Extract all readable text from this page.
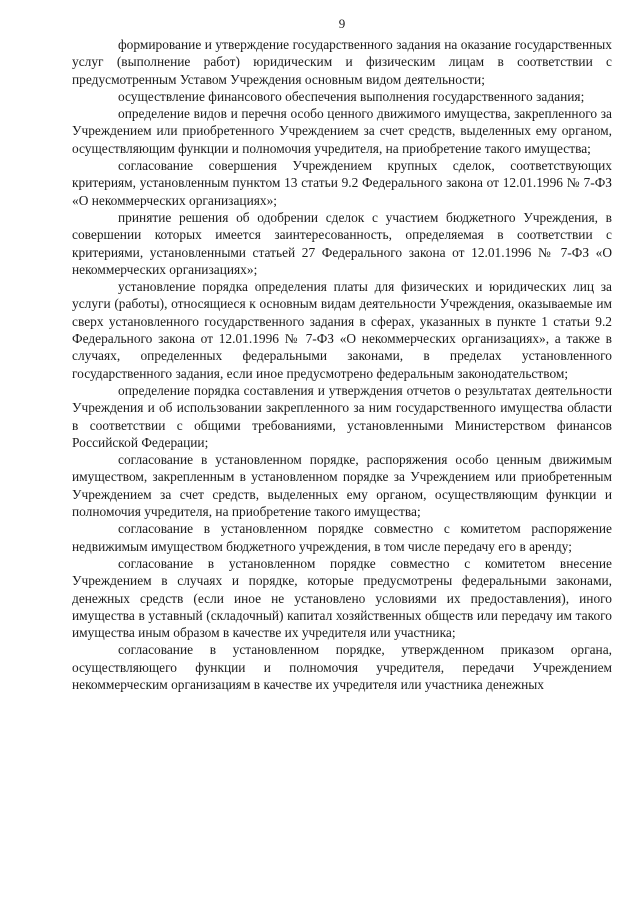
9

формирование и утверждение государственного задания на оказание государственных услуг (выполнение работ) юридическим и физическим лицам в соответствии с предусмотренным Уставом Учреждения основным видом деятельности;

осуществление финансового обеспечения выполнения государственного задания;

определение видов и перечня особо ценного движимого имущества, закрепленного за Учреждением или приобретенного Учреждением за счет средств, выделенных ему органом, осуществляющим функции и полномочия учредителя, на приобретение такого имущества;

согласование совершения Учреждением крупных сделок, соответствующих критериям, установленным пунктом 13 статьи 9.2 Федерального закона от 12.01.1996 № 7-ФЗ «О некоммерческих организациях»;

принятие решения об одобрении сделок с участием бюджетного Учреждения, в совершении которых имеется заинтересованность, определяемая в соответствии с критериями, установленными статьей 27 Федерального закона от 12.01.1996 № 7-ФЗ «О некоммерческих организациях»;

установление порядка определения платы для физических и юридических лиц за услуги (работы), относящиеся к основным видам деятельности Учреждения, оказываемые им сверх установленного государственного задания в сферах, указанных в пункте 1 статьи 9.2 Федерального закона от 12.01.1996 № 7-ФЗ «О некоммерческих организациях», а также в случаях, определенных федеральными законами, в пределах установленного государственного задания, если иное предусмотрено федеральным законодательством;

определение порядка составления и утверждения отчетов о результатах деятельности Учреждения и об использовании закрепленного за ним государственного имущества области в соответствии с общими требованиями, установленными Министерством финансов Российской Федерации;

согласование в установленном порядке, распоряжения особо ценным движимым имуществом, закрепленным в установленном порядке за Учреждением или приобретенным Учреждением за счет средств, выделенных ему органом, осуществляющим функции и полномочия учредителя, на приобретение такого имущества;

согласование в установленном порядке совместно с комитетом распоряжение недвижимым имуществом бюджетного учреждения, в том числе передачу его в аренду;

согласование в установленном порядке совместно с комитетом внесение Учреждением в случаях и порядке, которые предусмотрены федеральными законами, денежных средств (если иное не установлено условиями их предоставления), иного имущества в уставный (складочный) капитал хозяйственных обществ или передачу им такого имущества иным образом в качестве их учредителя или участника;

согласование в установленном порядке, утвержденном приказом органа, осуществляющего функции и полномочия учредителя, передачи Учреждением некоммерческим организациям в качестве их учредителя или участника денежных
